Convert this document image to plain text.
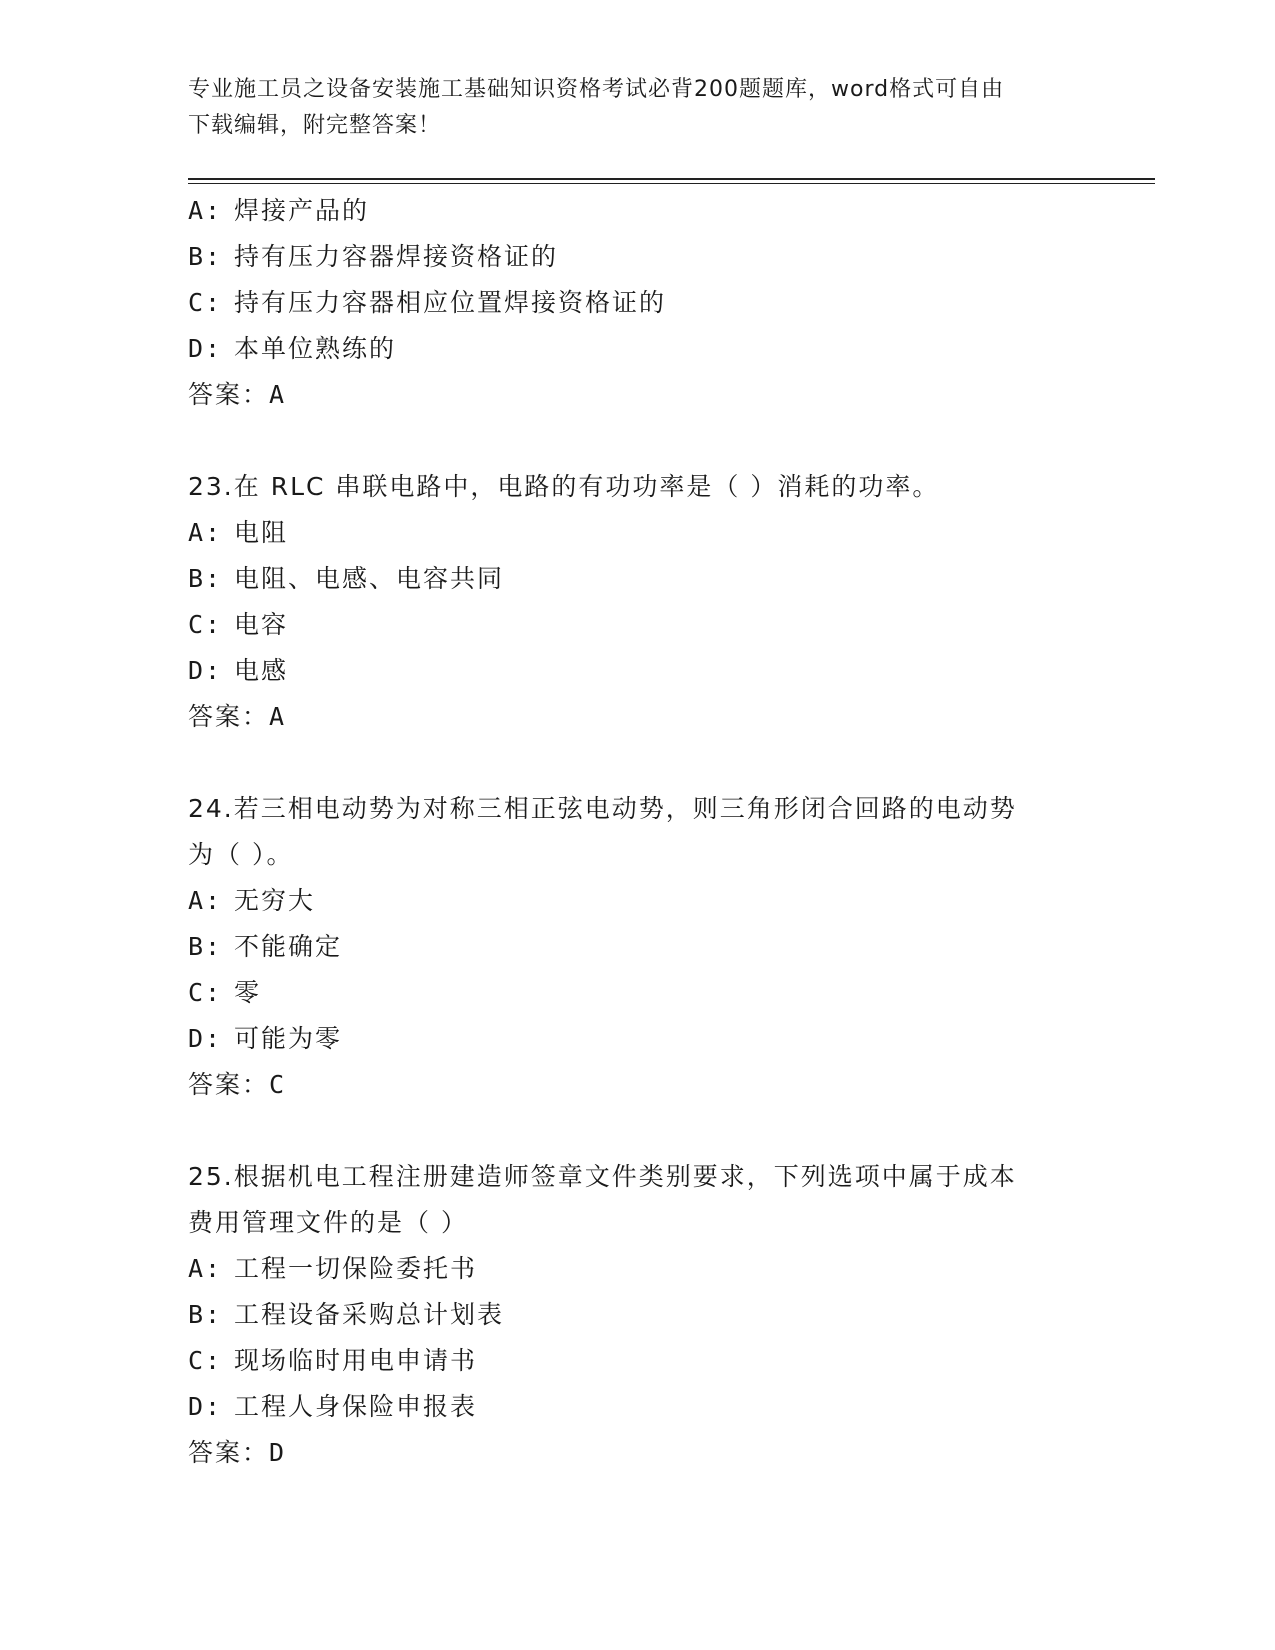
专业施工员之设备安装施工基础知识资格考试必背200题题库，word格式可自由
下载编辑，附完整答案！
A: 焊接产品的
B: 持有压力容器焊接资格证的
C: 持有压力容器相应位置焊接资格证的
D: 本单位熟练的
答案：A
23.在 RLC 串联电路中，电路的有功功率是（ ）消耗的功率。
A: 电阻
B: 电阻、电感、电容共同
C: 电容
D: 电感
答案：A
24.若三相电动势为对称三相正弦电动势，则三角形闭合回路的电动势
为（ ）。
A: 无穷大
B: 不能确定
C: 零
D: 可能为零
答案：C
25.根据机电工程注册建造师签章文件类别要求，下列选项中属于成本
费用管理文件的是（ ）
A: 工程一切保险委托书
B: 工程设备采购总计划表
C: 现场临时用电申请书
D: 工程人身保险申报表
答案：D
